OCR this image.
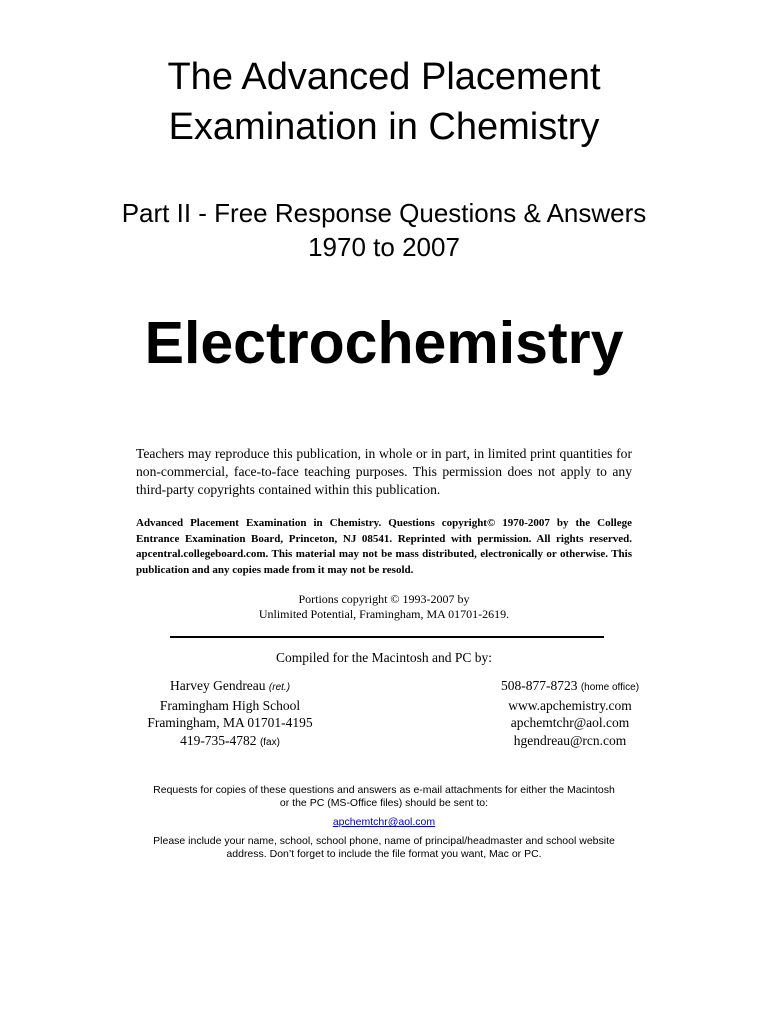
The Advanced Placement
Examination in Chemistry
Part II - Free Response Questions & Answers
1970 to 2007
Electrochemistry
Teachers may reproduce this publication, in whole or in part, in limited print quantities for non-commercial, face-to-face teaching purposes. This permission does not apply to any third-party copyrights contained within this publication.
Advanced Placement Examination in Chemistry. Questions copyright© 1970-2007 by the College Entrance Examination Board, Princeton, NJ 08541. Reprinted with permission. All rights reserved. apcentral.collegeboard.com. This material may not be mass distributed, electronically or otherwise. This publication and any copies made from it may not be resold.
Portions copyright © 1993-2007 by
Unlimited Potential, Framingham, MA 01701-2619.
Compiled for the Macintosh and PC by:
Harvey Gendreau (ret.)
Framingham High School
Framingham, MA 01701-4195
419-735-4782 (fax)
508-877-8723 (home office)
www.apchemistry.com
apchemtchr@aol.com
hgendreau@rcn.com
Requests for copies of these questions and answers as e-mail attachments for either the Macintosh
or the PC (MS-Office files) should be sent to:
apchemtchr@aol.com
Please include your name, school, school phone, name of principal/headmaster and school website
address. Don’t forget to include the file format you want, Mac or PC.
